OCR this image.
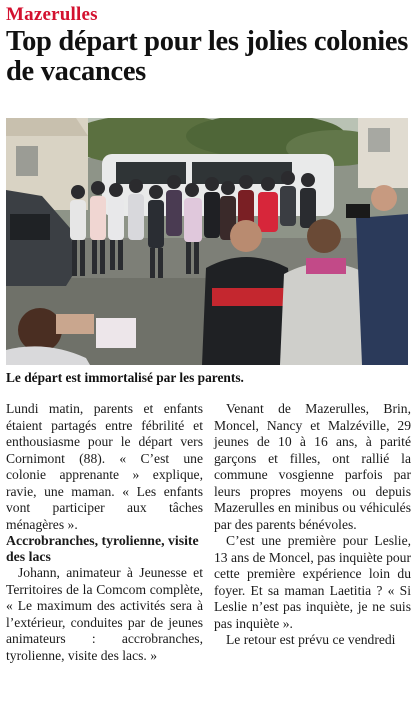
Mazerulles
Top départ pour les jolies colonies de vacances

Le départ est immortalisé par les parents.

Lundi matin, parents et enfants étaient partagés entre fébrilité et enthousiasme pour le départ vers Cornimont (88). « C’est une colonie apprenante » explique, ravie, une maman. « Les enfants vont participer aux tâches ménagères ».

Accrobranches, tyrolienne, visite des lacs

Johann, animateur à Jeunesse et Territoires de la Comcom complète, « Le maximum des activités sera à l’extérieur, conduites par de jeunes animateurs : accrobranches, tyrolienne, visite des lacs. »

Venant de Mazerulles, Brin, Moncel, Nancy et Malzéville, 29 jeunes de 10 à 16 ans, à parité garçons et filles, ont rallié la commune vosgienne parfois par leurs propres moyens ou depuis Mazerulles en minibus ou véhiculés par des parents bénévoles.

C’est une première pour Leslie, 13 ans de Moncel, pas inquiète pour cette première expérience loin du foyer. Et sa maman Laetitia ? « Si Leslie n’est pas inquiète, je ne suis pas inquiète ».

Le retour est prévu ce vendredi
